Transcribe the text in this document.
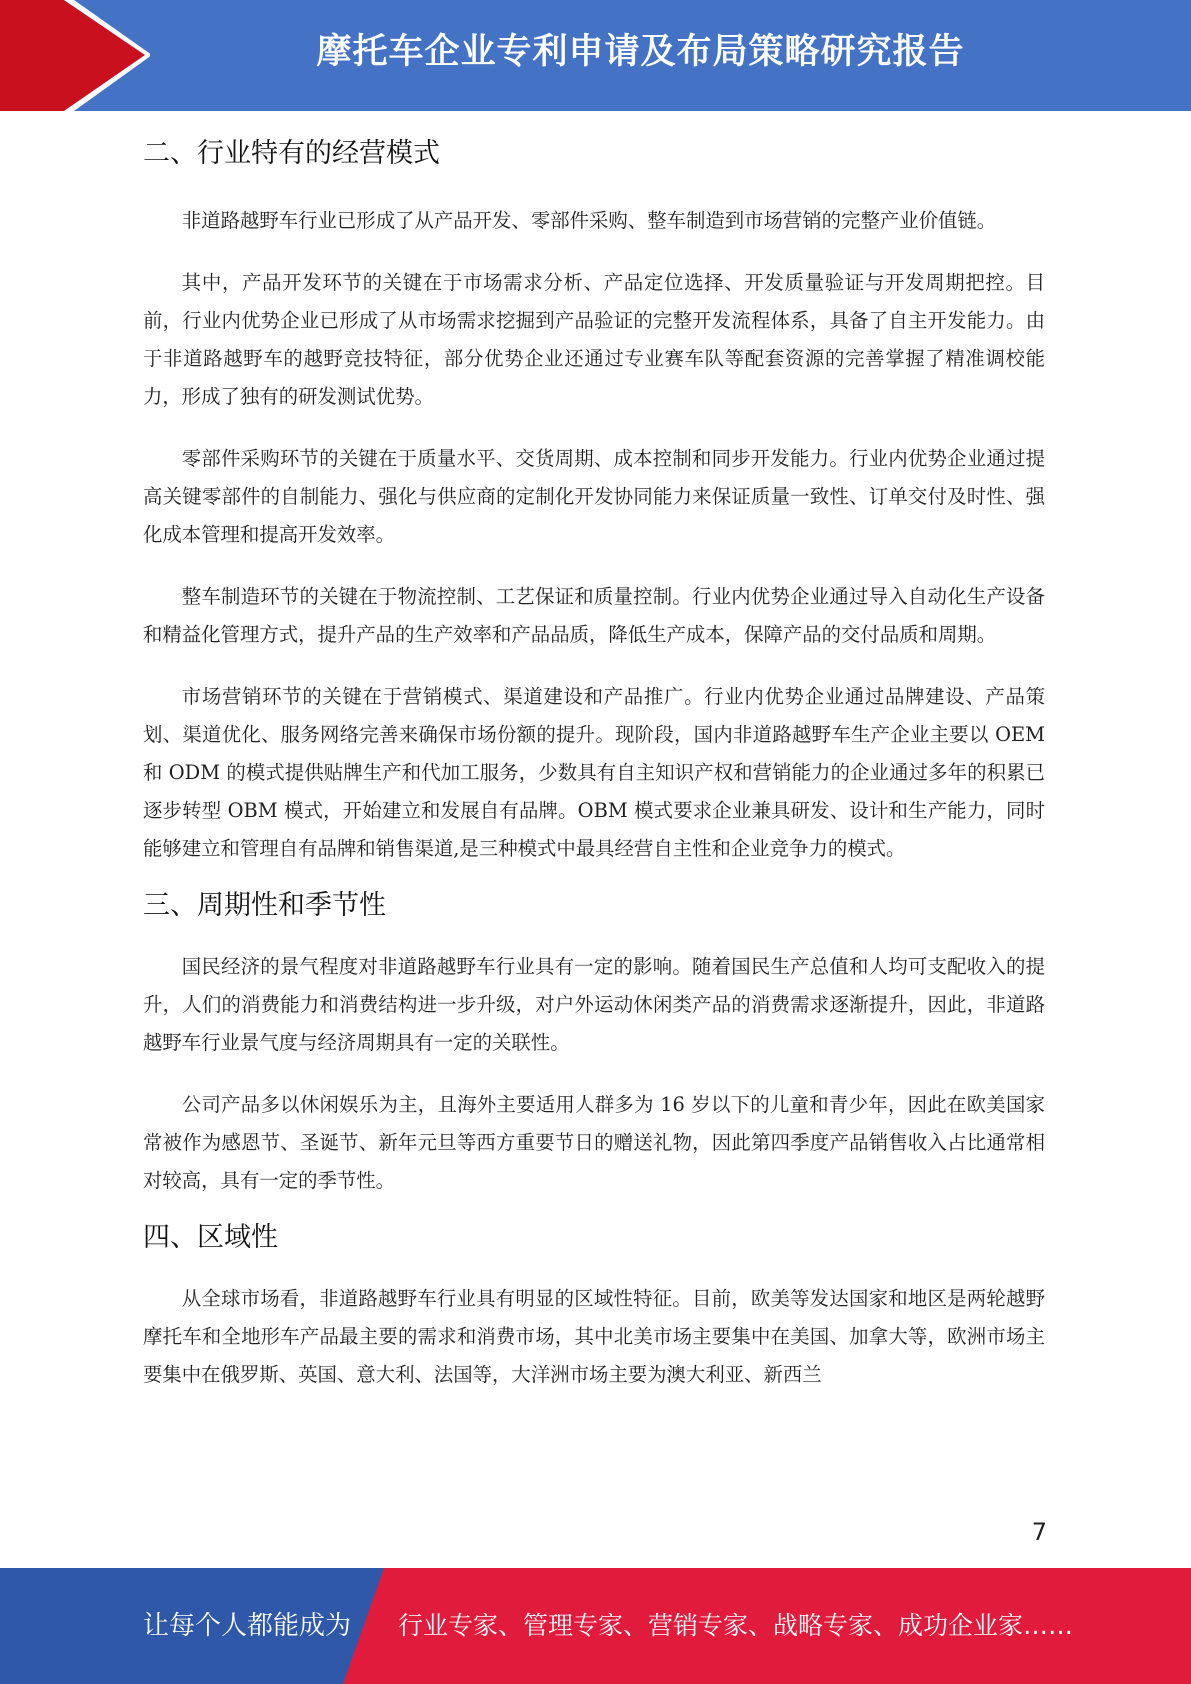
摩托车企业专利申请及布局策略研究报告
二、行业特有的经营模式

非道路越野车行业已形成了从产品开发、零部件采购、整车制造到市场营销的完整产业价值链。

其中，产品开发环节的关键在于市场需求分析、产品定位选择、开发质量验证与开发周期把控。目前，行业内优势企业已形成了从市场需求挖掘到产品验证的完整开发流程体系，具备了自主开发能力。由于非道路越野车的越野竞技特征，部分优势企业还通过专业赛车队等配套资源的完善掌握了精准调校能力，形成了独有的研发测试优势。

零部件采购环节的关键在于质量水平、交货周期、成本控制和同步开发能力。行业内优势企业通过提高关键零部件的自制能力、强化与供应商的定制化开发协同能力来保证质量一致性、订单交付及时性、强化成本管理和提高开发效率。

整车制造环节的关键在于物流控制、工艺保证和质量控制。行业内优势企业通过导入自动化生产设备和精益化管理方式，提升产品的生产效率和产品品质，降低生产成本，保障产品的交付品质和周期。

市场营销环节的关键在于营销模式、渠道建设和产品推广。行业内优势企业通过品牌建设、产品策划、渠道优化、服务网络完善来确保市场份额的提升。现阶段，国内非道路越野车生产企业主要以 OEM 和 ODM 的模式提供贴牌生产和代加工服务，少数具有自主知识产权和营销能力的企业通过多年的积累已逐步转型 OBM 模式，开始建立和发展自有品牌。OBM 模式要求企业兼具研发、设计和生产能力，同时能够建立和管理自有品牌和销售渠道,是三种模式中最具经营自主性和企业竞争力的模式。

三、周期性和季节性

国民经济的景气程度对非道路越野车行业具有一定的影响。随着国民生产总值和人均可支配收入的提升，人们的消费能力和消费结构进一步升级，对户外运动休闲类产品的消费需求逐渐提升，因此，非道路越野车行业景气度与经济周期具有一定的关联性。

公司产品多以休闲娱乐为主，且海外主要适用人群多为 16 岁以下的儿童和青少年，因此在欧美国家常被作为感恩节、圣诞节、新年元旦等西方重要节日的赠送礼物，因此第四季度产品销售收入占比通常相对较高，具有一定的季节性。

四、区域性

从全球市场看，非道路越野车行业具有明显的区域性特征。目前，欧美等发达国家和地区是两轮越野摩托车和全地形车产品最主要的需求和消费市场，其中北美市场主要集中在美国、加拿大等，欧洲市场主要集中在俄罗斯、英国、意大利、法国等，大洋洲市场主要为澳大利亚、新西兰

7
让每个人都能成为 行业专家、管理专家、营销专家、战略专家、成功企业家……
